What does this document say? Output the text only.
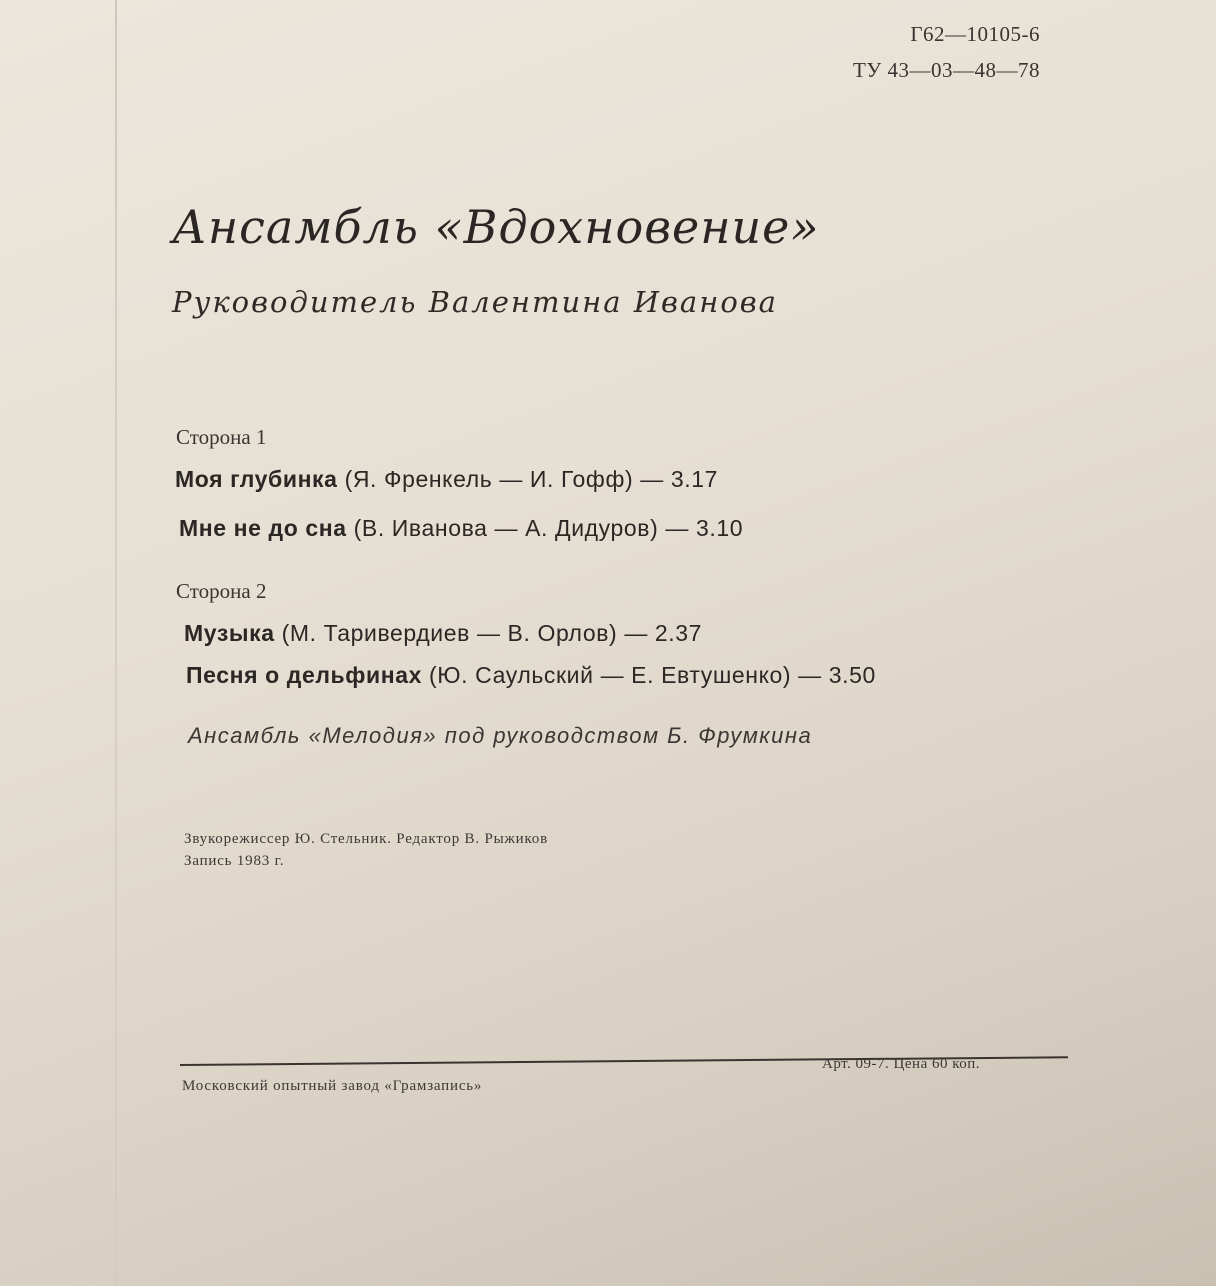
Г62—10105-6
ТУ 43—03—48—78
Ансамбль «Вдохновение»
Руководитель Валентина Иванова
Сторона 1
Моя глубинка (Я. Френкель — И. Гофф) — 3.17
Мне не до сна (В. Иванова — А. Дидуров) — 3.10
Сторона 2
Музыка (М. Таривердиев — В. Орлов) — 2.37
Песня о дельфинах (Ю. Саульский — Е. Евтушенко) — 3.50
Ансамбль «Мелодия» под руководством Б. Фрумкина
Звукорежиссер Ю. Стельник. Редактор В. Рыжиков
Запись 1983 г.
Московский опытный завод «Грамзапись»
Арт. 09-7. Цена 60 коп.
